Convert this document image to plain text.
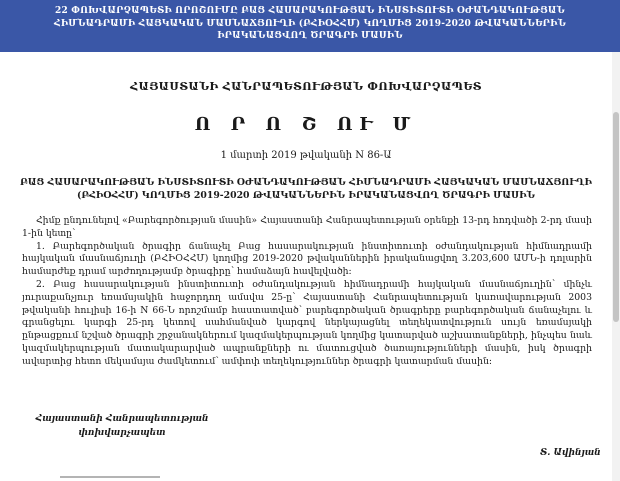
22 ՓՈԽՎԱՐՉԱՊԵՏԻ ՈՐՈՇՈՒՄԸ ԲԱՑ ՀԱՍԱՐԱԿՈՒԹՅԱՆ ԻՆՍՏԻՏՈՒՏԻ ՕԺԱՆԴԱԿՈՒԹՅԱՆ
ՀԻՄՆԱԴՐԱՄԻ ՀԱՅԿԱԿԱՆ ՄԱՍՆԱՃՅՈՒՂԻ (ԲՀԻՕՀՀՄ) ԿՈՂՄԻՑ 2019-2020 ԹՎԱԿԱՆՆԵՐԻՆ
ԻՐԱԿԱՆԱՑՎՈՂ ԾՐԱԳՐԻ ՄԱՍԻՆ
ՀԱՅԱՍՏԱՆԻ ՀԱՆՐԱՊԵՏՈՒԹՅԱՆ ՓՈԽՎԱՐՉԱՊԵՏ
Ո Ր Ո Շ ՈՒ Մ
1 մարտի 2019 թվականի N 86-Ա
ԲԱՑ ՀԱՍԱՐԱԿՈՒԹՅԱՆ ԻՆՍՏԻՏՈՒՏԻ ՕԺԱՆԴԱԿՈՒԹՅԱՆ ՀԻՄՆԱԴՐԱՄԻ ՀԱՅԿԱԿԱՆ ՄԱՍՆԱՃՅՈՒՂԻ (ԲՀԻՕՀՀՄ) ԿՈՂՄԻՑ 2019-2020 ԹՎԱԿԱՆՆԵՐԻՆ ԻՐԱԿԱՆԱՑՎՈՂ ԾՐԱԳՐԻ ՄԱՍԻՆ

Հիմք ընդունելով «Բարեգործության մասին» Հայաստանի Հանրապետության օրենքի 13-րդ հոդվածի 2-րդ մասի 1-ին կետը՝

1. Բարեգործական ծրագիր ճանաչել Բաց հասարակության ինստիտուտի օժանդակության հիմնադրամի հայկական մասնաճյուղի (ԲՀԻՕՀՀՄ) կողմից 2019-2020 թվականներին իրականացվող 3.203,600 ԱՄՆ-ի դոլարին համարժեք դրամ արժողությամբ ծրագիրը՝ համաձայն հավելվածի:

2. Բաց հասարակության ինստիտուտի օժանդակության հիմնադրամի հայկական մասնաճյուղին՝ մինչև յուրաքանչյուր եռամսյակին հաջորդող ամսվա 25-ը՝ Հայաստանի Հանրապետության կառավարության 2003 թվականի հուլիսի 16-ի N 66-Ն որոշմամբ հաստատված՝ բարեգործական ծրագրերը բարեգործական ճանաչելու և գրանցելու կարգի 25-րդ կետով սահմանված կարգով ներկայացնել տեղեկատվություն սույն եռամսյակի ընթացքում նշված ծրագրի շրջանակներում կազմակերպության կողմից կատարված աշխատանքների, ինչպես նաև կազմակերպության մատակարարված ապրանքների ու մատուցված ծառայությունների մասին, իսկ ծրագրի ավարտից հետո մեկամսյա ժամկետում՝ ամփոփ տեղեկություններ ծրագրի կատարման մասին:

Հայաստանի Հանրապետության
փոխվարչապետ
Տ. Ավինյան
